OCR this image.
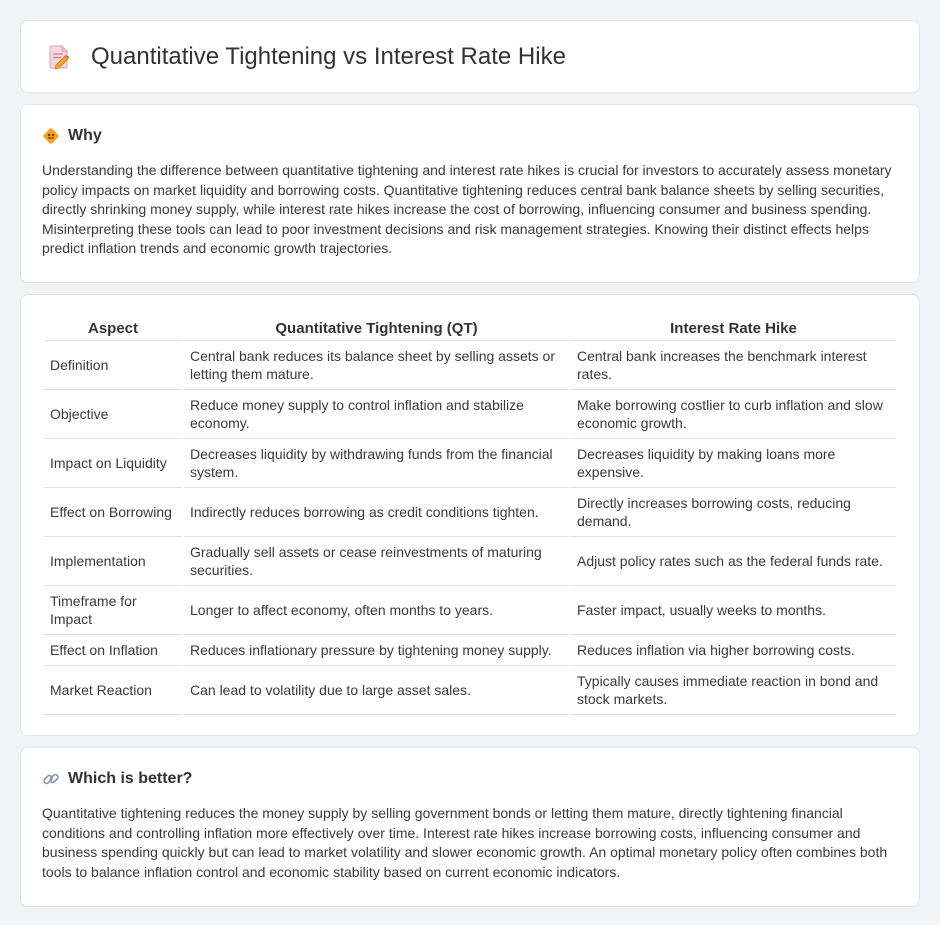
Quantitative Tightening vs Interest Rate Hike
Why

Understanding the difference between quantitative tightening and interest rate hikes is crucial for investors to accurately assess monetary policy impacts on market liquidity and borrowing costs. Quantitative tightening reduces central bank balance sheets by selling securities, directly shrinking money supply, while interest rate hikes increase the cost of borrowing, influencing consumer and business spending. Misinterpreting these tools can lead to poor investment decisions and risk management strategies. Knowing their distinct effects helps predict inflation trends and economic growth trajectories.

Aspect	Quantitative Tightening (QT)	Interest Rate Hike
Definition	Central bank reduces its balance sheet by selling assets or letting them mature.	Central bank increases the benchmark interest rates.
Objective	Reduce money supply to control inflation and stabilize economy.	Make borrowing costlier to curb inflation and slow economic growth.
Impact on Liquidity	Decreases liquidity by withdrawing funds from the financial system.	Decreases liquidity by making loans more expensive.
Effect on Borrowing	Indirectly reduces borrowing as credit conditions tighten.	Directly increases borrowing costs, reducing demand.
Implementation	Gradually sell assets or cease reinvestments of maturing securities.	Adjust policy rates such as the federal funds rate.
Timeframe for Impact	Longer to affect economy, often months to years.	Faster impact, usually weeks to months.
Effect on Inflation	Reduces inflationary pressure by tightening money supply.	Reduces inflation via higher borrowing costs.
Market Reaction	Can lead to volatility due to large asset sales.	Typically causes immediate reaction in bond and stock markets.
Which is better?

Quantitative tightening reduces the money supply by selling government bonds or letting them mature, directly tightening financial conditions and controlling inflation more effectively over time. Interest rate hikes increase borrowing costs, influencing consumer and business spending quickly but can lead to market volatility and slower economic growth. An optimal monetary policy often combines both tools to balance inflation control and economic stability based on current economic indicators.
